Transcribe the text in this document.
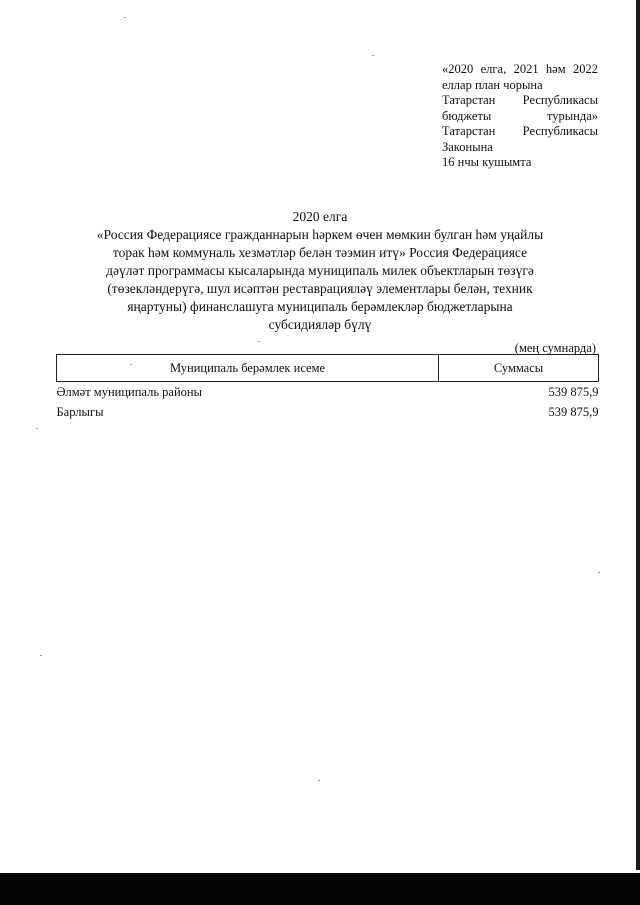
«2020 елга, 2021 һәм 2022
еллар план чорына
Татарстан Республикасы
бюджеты	турында»
Татарстан Республикасы
Законына
16 нчы кушымта
2020 елга
«Россия Федерациясе гражданнарын һәркем өчен мөмкин булган һәм уңайлы
торак һәм коммуналь хезмәтләр белән тәэмин итү» Россия Федерациясе
дәүләт программасы кысаларында муниципаль милек объектларын төзүгә
(төзекләндерүгә, шул исәптән реставрацияләү элементлары белән, техник
яңартуны) финанслашуга муниципаль берәмлекләр бюджетларына
субсидияләр бүлү
(мең сумнарда)
Муниципаль берәмлек исеме	Суммасы
Әлмәт муниципаль районы	539 875,9
Барлыгы	539 875,9
